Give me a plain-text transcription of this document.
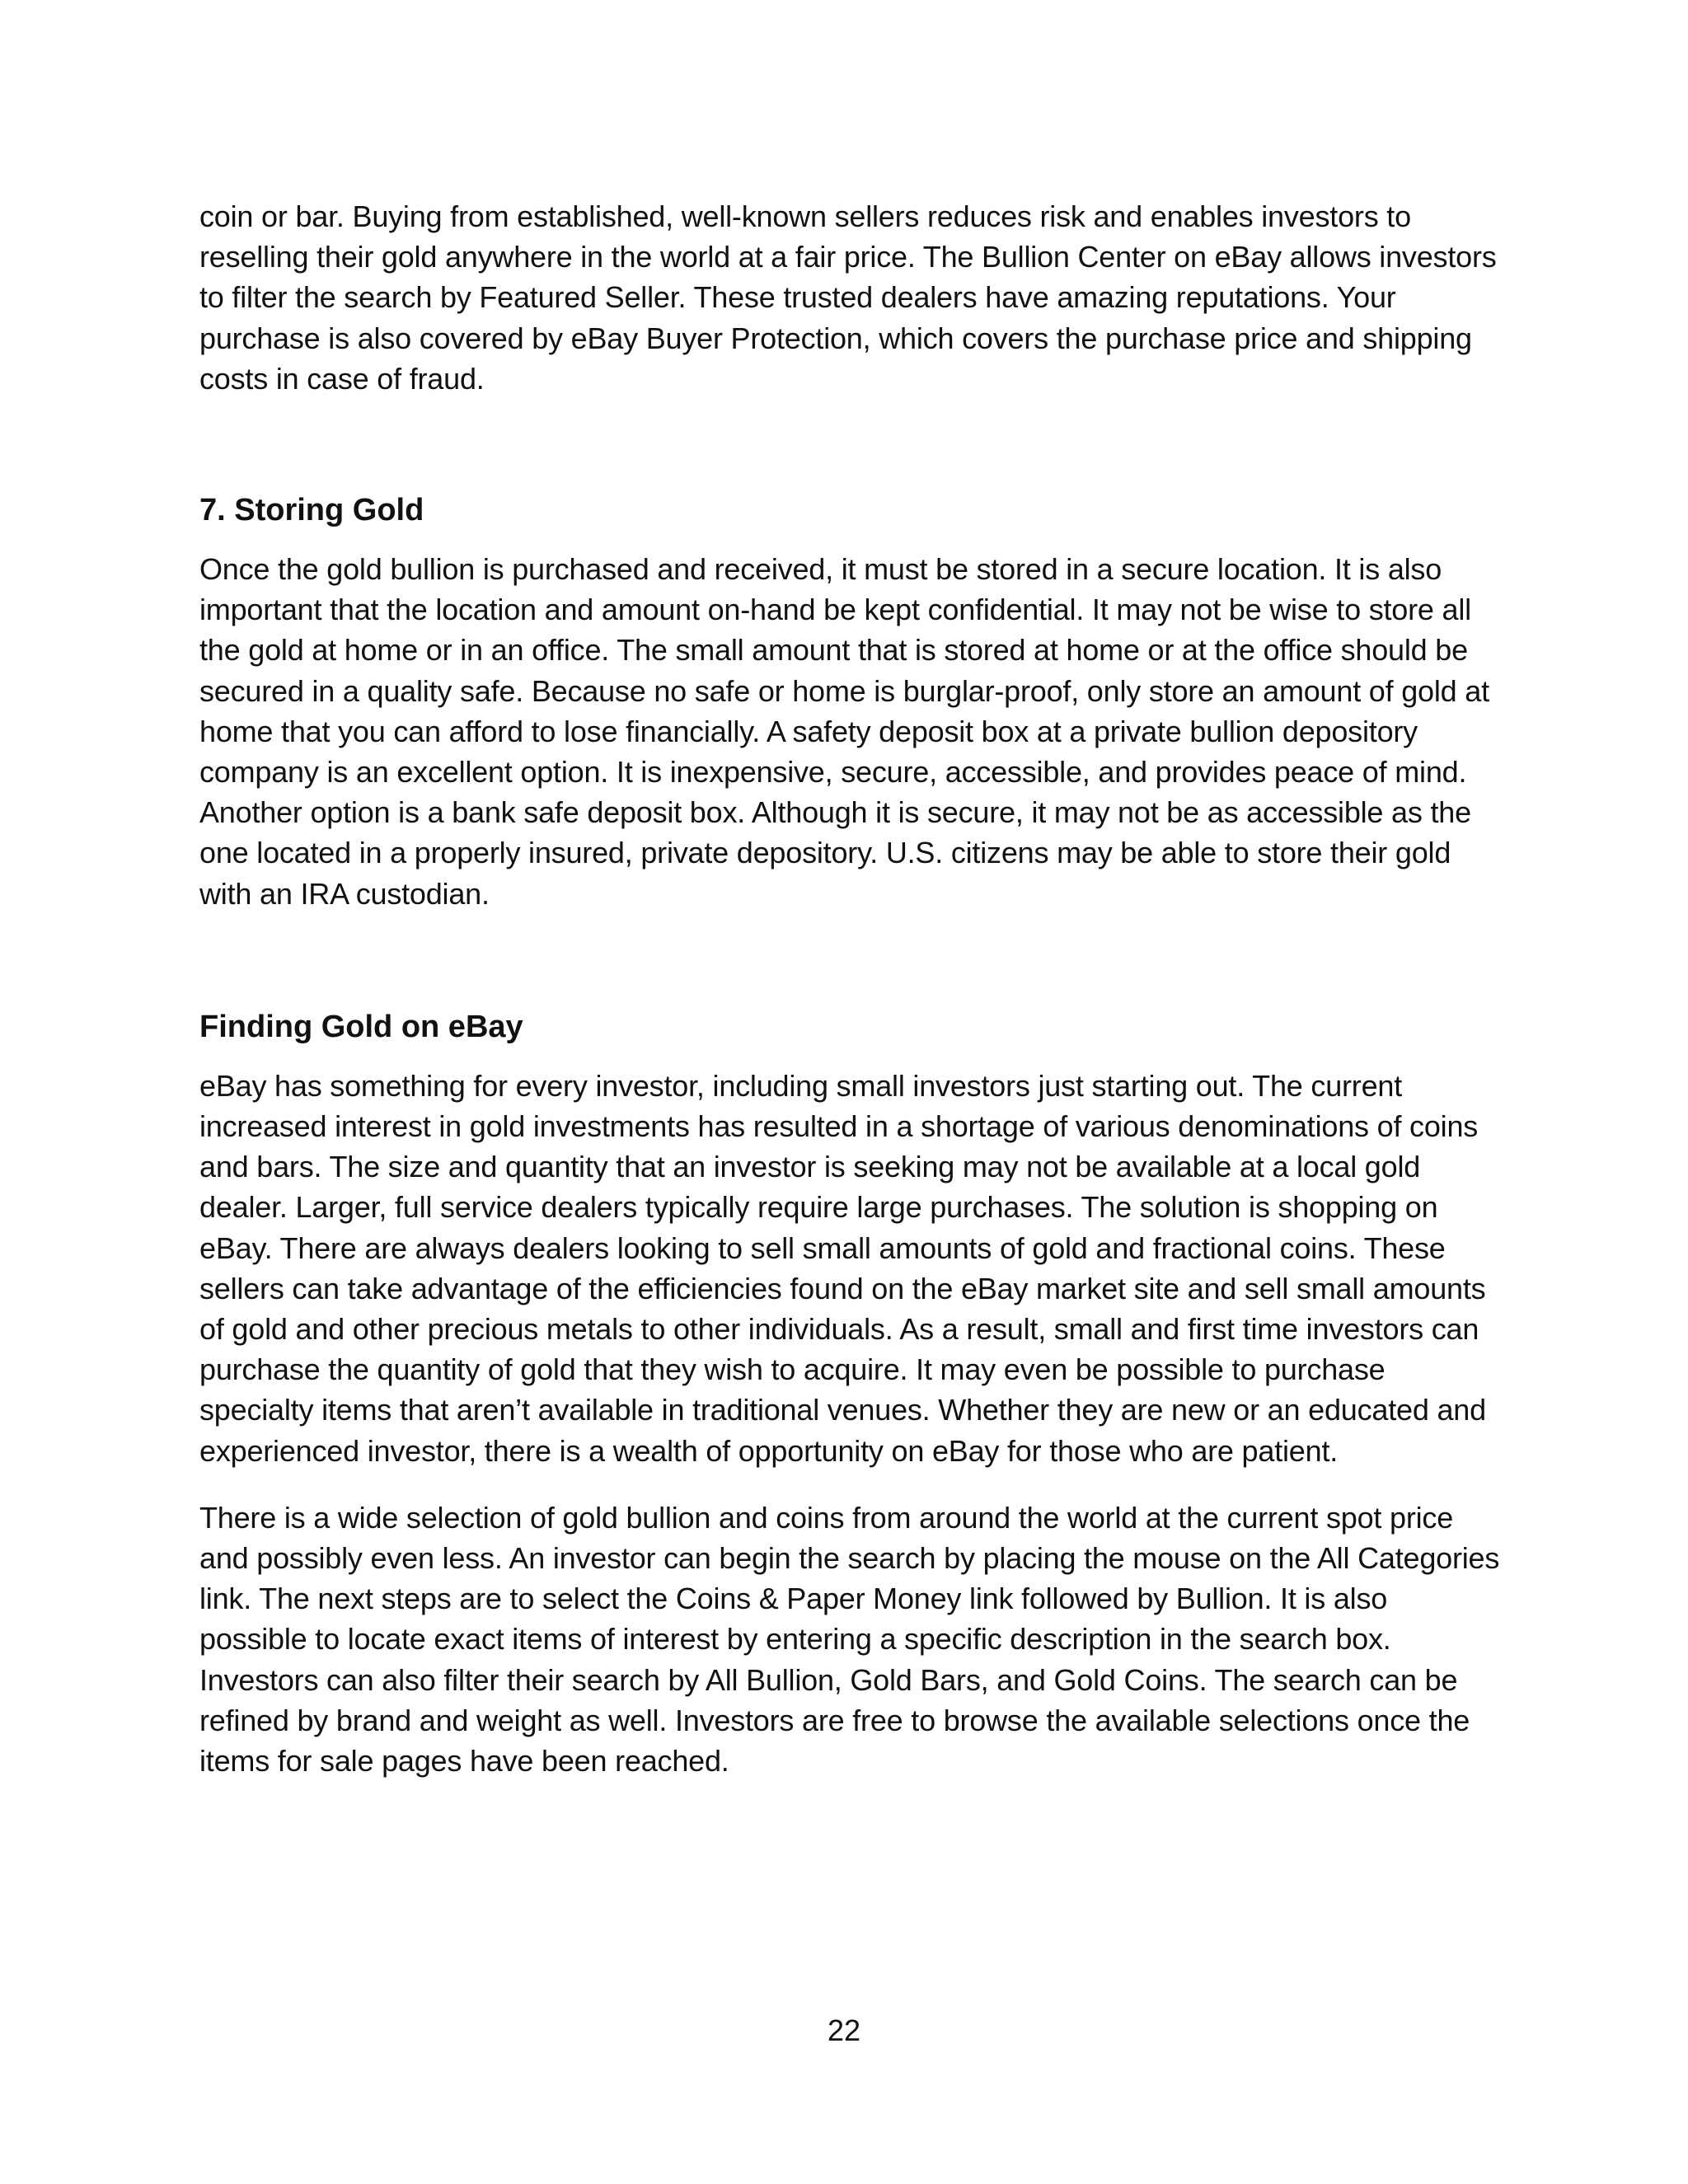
coin or bar. Buying from established, well-known sellers reduces risk and enables investors to reselling their gold anywhere in the world at a fair price. The Bullion Center on eBay allows investors to filter the search by Featured Seller. These trusted dealers have amazing reputations. Your purchase is also covered by eBay Buyer Protection, which covers the purchase price and shipping costs in case of fraud.

7. Storing Gold

Once the gold bullion is purchased and received, it must be stored in a secure location. It is also important that the location and amount on-hand be kept confidential. It may not be wise to store all the gold at home or in an office. The small amount that is stored at home or at the office should be secured in a quality safe. Because no safe or home is burglar-proof, only store an amount of gold at home that you can afford to lose financially. A safety deposit box at a private bullion depository company is an excellent option. It is inexpensive, secure, accessible, and provides peace of mind. Another option is a bank safe deposit box. Although it is secure, it may not be as accessible as the one located in a properly insured, private depository. U.S. citizens may be able to store their gold with an IRA custodian.

Finding Gold on eBay

eBay has something for every investor, including small investors just starting out. The current increased interest in gold investments has resulted in a shortage of various denominations of coins and bars. The size and quantity that an investor is seeking may not be available at a local gold dealer. Larger, full service dealers typically require large purchases. The solution is shopping on eBay. There are always dealers looking to sell small amounts of gold and fractional coins. These sellers can take advantage of the efficiencies found on the eBay market site and sell small amounts of gold and other precious metals to other individuals. As a result, small and first time investors can purchase the quantity of gold that they wish to acquire. It may even be possible to purchase specialty items that aren’t available in traditional venues. Whether they are new or an educated and experienced investor, there is a wealth of opportunity on eBay for those who are patient.

There is a wide selection of gold bullion and coins from around the world at the current spot price and possibly even less. An investor can begin the search by placing the mouse on the All Categories link. The next steps are to select the Coins & Paper Money link followed by Bullion. It is also possible to locate exact items of interest by entering a specific description in the search box. Investors can also filter their search by All Bullion, Gold Bars, and Gold Coins. The search can be refined by brand and weight as well. Investors are free to browse the available selections once the items for sale pages have been reached.

22
